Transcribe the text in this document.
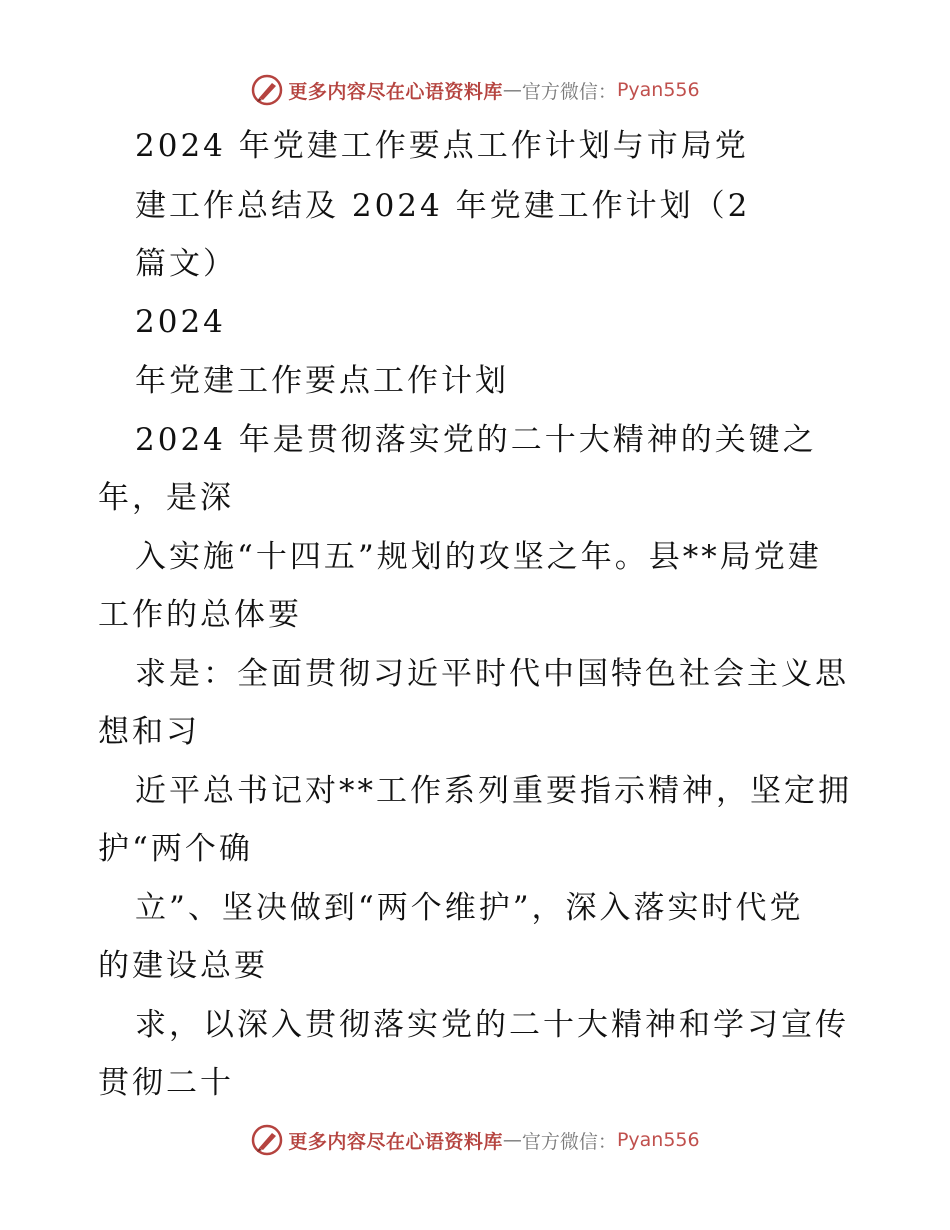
更多内容尽在心语资料库 — 官方微信： Pyan556
2024 年党建工作要点工作计划与市局党
建工作总结及 2024 年党建工作计划（2
篇文）
2024
年党建工作要点工作计划
2024 年是贯彻落实党的二十大精神的关键之
年，是深
入实施“十四五”规划的攻坚之年。县**局党建
工作的总体要
求是：全面贯彻习近平时代中国特色社会主义思
想和习
近平总书记对**工作系列重要指示精神，坚定拥
护“两个确
立”、坚决做到“两个维护”，深入落实时代党
的建设总要
求，以深入贯彻落实党的二十大精神和学习宣传
贯彻二十
更多内容尽在心语资料库 — 官方微信： Pyan556
